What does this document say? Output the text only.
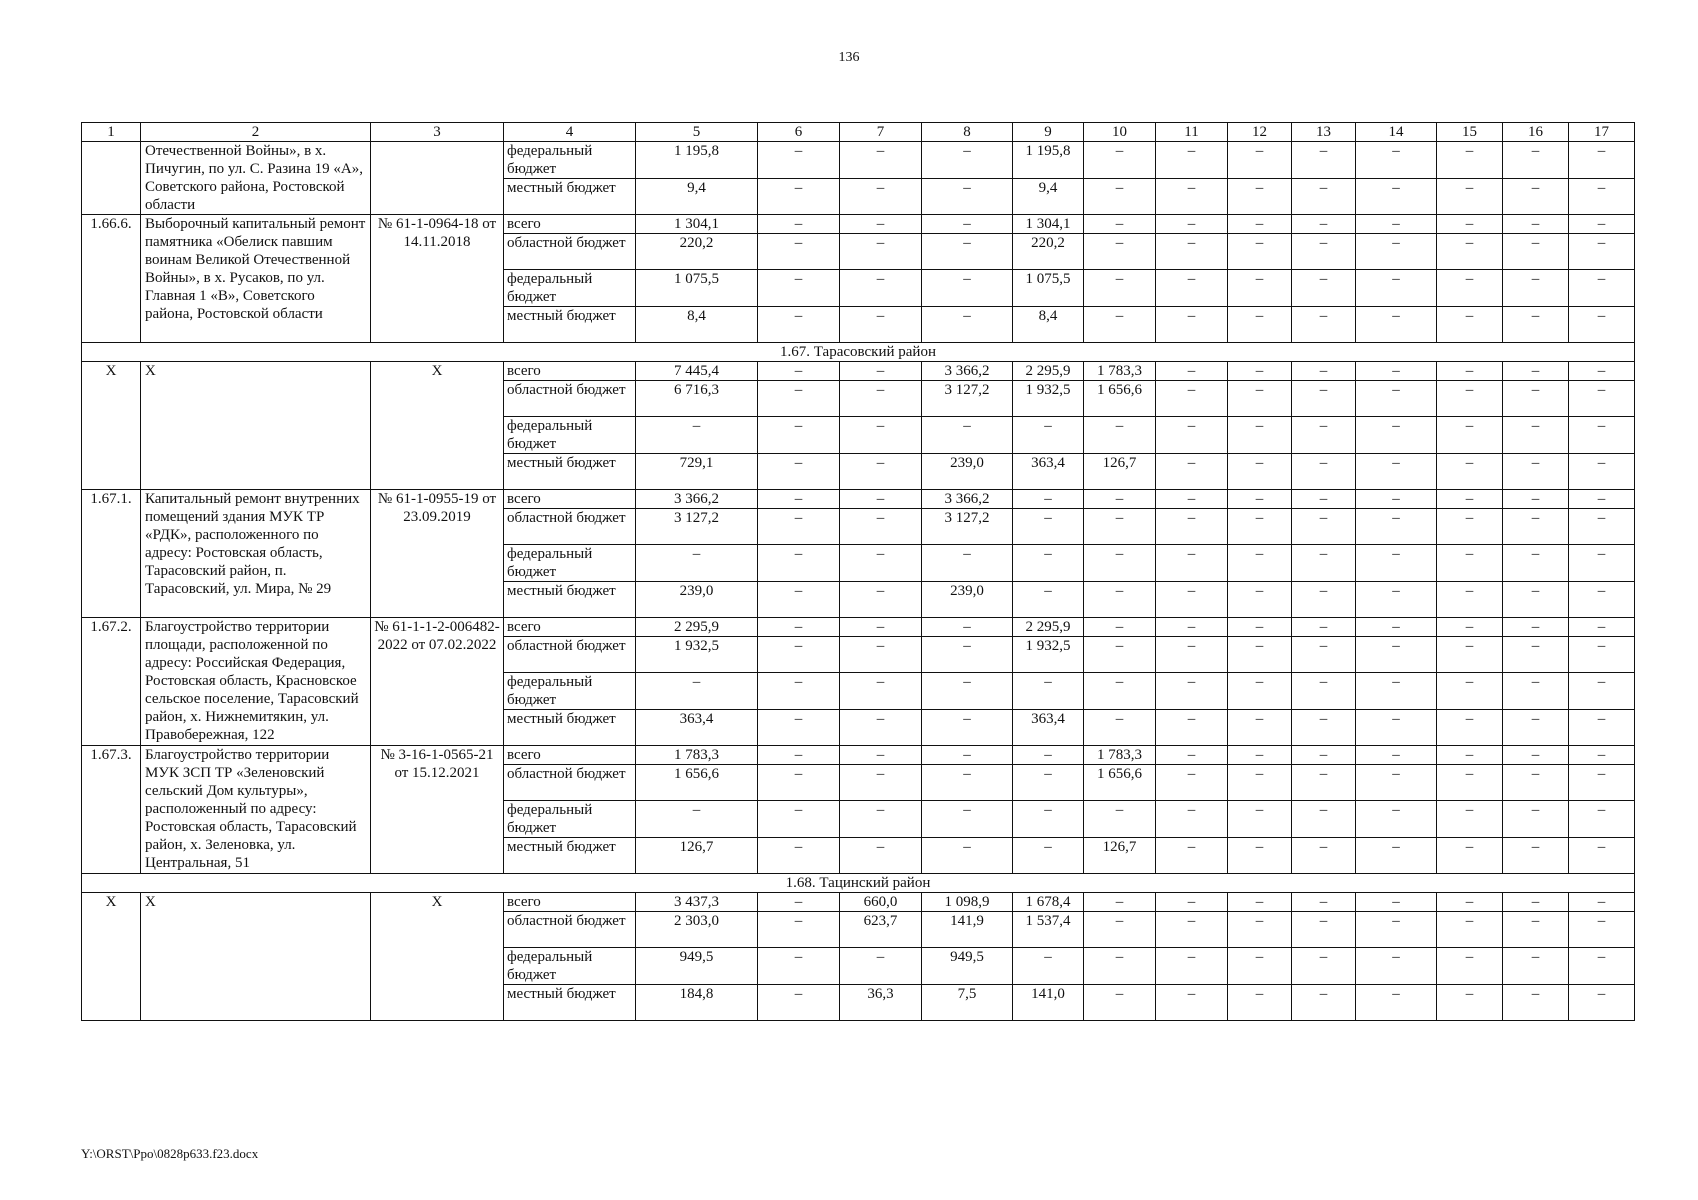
136
1	2	3	4	5	6	7	8	9	10	11	12	13	14	15	16	17
	Отечественной Войны», в х. Пичугин, по ул. С. Разина 19 «А», Советского района, Ростовской области		федеральный бюджет	1 195,8	–	–	–	1 195,8	–	–	–	–	–	–	–	–
			местный бюджет	9,4	–	–	–	9,4	–	–	–	–	–	–	–	–
1.66.6.	Выборочный капитальный ремонт памятника «Обелиск павшим воинам Великой Отечественной Войны», в х. Русаков, по ул. Главная 1 «В», Советского района, Ростовской области	№ 61-1-0964-18 от 14.11.2018	всего	1 304,1	–	–	–	1 304,1	–	–	–	–	–	–	–	–
			областной бюджет	220,2	–	–	–	220,2	–	–	–	–	–	–	–	–
			федеральный бюджет	1 075,5	–	–	–	1 075,5	–	–	–	–	–	–	–	–
			местный бюджет	8,4	–	–	–	8,4	–	–	–	–	–	–	–	–
1.67. Тарасовский район																
Х	Х	Х	всего	7 445,4	–	–	3 366,2	2 295,9	1 783,3	–	–	–	–	–	–	–
			областной бюджет	6 716,3	–	–	3 127,2	1 932,5	1 656,6	–	–	–	–	–	–	–
			федеральный бюджет	–	–	–	–	–	–	–	–	–	–	–	–	–
			местный бюджет	729,1	–	–	239,0	363,4	126,7	–	–	–	–	–	–	–
1.67.1.	Капитальный ремонт внутренних помещений здания МУК ТР «РДК», расположенного по адресу: Ростовская область, Тарасовский район, п. Тарасовский, ул. Мира, № 29	№ 61-1-0955-19 от 23.09.2019	всего	3 366,2	–	–	3 366,2	–	–	–	–	–	–	–	–	–
			областной бюджет	3 127,2	–	–	3 127,2	–	–	–	–	–	–	–	–	–
			федеральный бюджет	–	–	–	–	–	–	–	–	–	–	–	–	–
			местный бюджет	239,0	–	–	239,0	–	–	–	–	–	–	–	–	–
1.67.2.	Благоустройство территории площади, расположенной по адресу: Российская Федерация, Ростовская область, Красновское сельское поселение, Тарасовский район, х. Нижнемитякин, ул. Правобережная, 122	№ 61-1-1-2-006482-2022 от 07.02.2022	всего	2 295,9	–	–	–	2 295,9	–	–	–	–	–	–	–	–
			областной бюджет	1 932,5	–	–	–	1 932,5	–	–	–	–	–	–	–	–
			федеральный бюджет	–	–	–	–	–	–	–	–	–	–	–	–	–
			местный бюджет	363,4	–	–	–	363,4	–	–	–	–	–	–	–	–
1.67.3.	Благоустройство территории МУК ЗСП ТР «Зеленовский сельский Дом культуры», расположенный по адресу: Ростовская область, Тарасовский район, х. Зеленовка, ул. Центральная, 51	№ 3-16-1-0565-21 от 15.12.2021	всего	1 783,3	–	–	–	–	1 783,3	–	–	–	–	–	–	–
			областной бюджет	1 656,6	–	–	–	–	1 656,6	–	–	–	–	–	–	–
			федеральный бюджет	–	–	–	–	–	–	–	–	–	–	–	–	–
			местный бюджет	126,7	–	–	–	–	126,7	–	–	–	–	–	–	–
1.68. Тацинский район																
Х	Х	Х	всего	3 437,3	–	660,0	1 098,9	1 678,4	–	–	–	–	–	–	–	–
			областной бюджет	2 303,0	–	623,7	141,9	1 537,4	–	–	–	–	–	–	–	–
			федеральный бюджет	949,5	–	–	949,5	–	–	–	–	–	–	–	–	–
			местный бюджет	184,8	–	36,3	7,5	141,0	–	–	–	–	–	–	–	–
Y:\ORST\Ppo\0828p633.f23.docx
